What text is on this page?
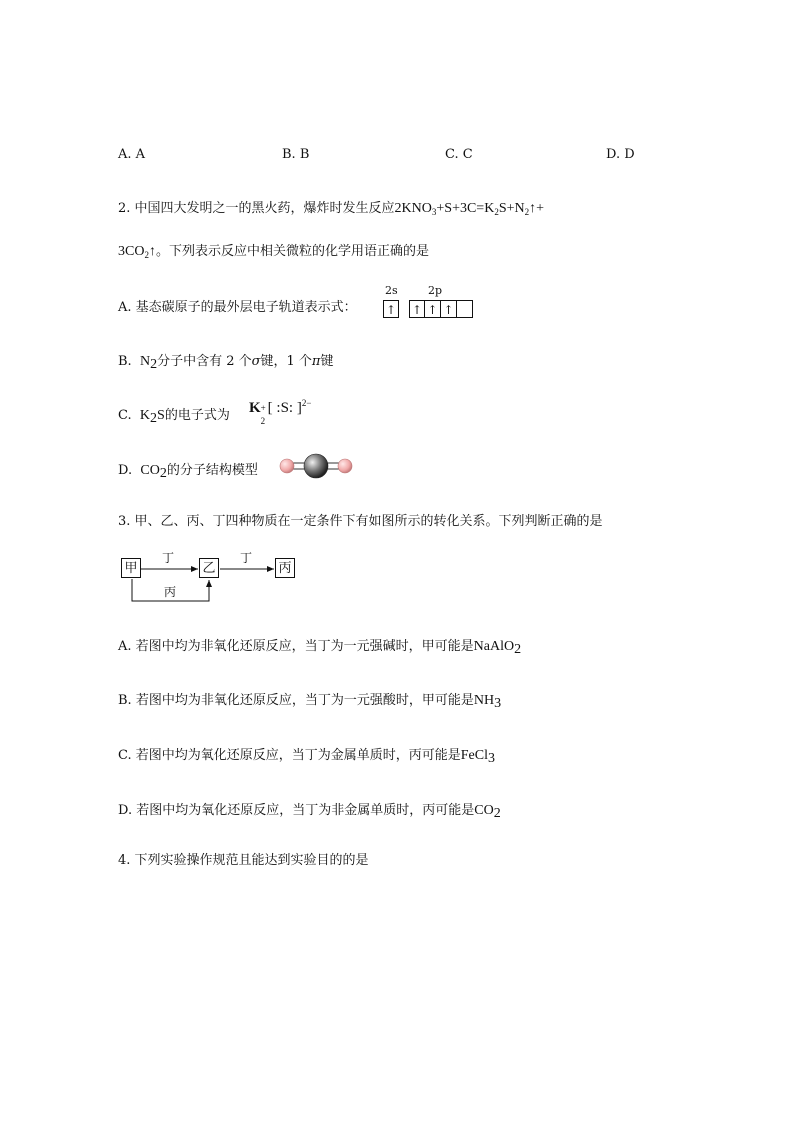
A. A	B. B	C. C	D. D
2. 中国四大发明之一的黑火药，爆炸时发生反应$2KNO_3+S+3C=K_2S+N_2↑+$
$3CO_2↑$。下列表示反应中相关微粒的化学用语正确的是
A. 基态碳原子的最外层电子轨道表示式：
2s	2p
↑ ↑ ↑ ↑
B. $N_2$分子中含有 2 个σ键，1 个π键
C. $K_2S$的电子式为 K +
2
[ :S: ]$^{2-}$
D. $CO_2$的分子结构模型
3. 甲、乙、丙、丁四种物质在一定条件下有如图所示的转化关系。下列判断正确的是
甲	乙	丙
丁	丁
丙
A. 若图中均为非氧化还原反应，当丁为一元强碱时，甲可能是NaAlO$_2$
B. 若图中均为非氧化还原反应，当丁为一元强酸时，甲可能是$NH_3$
C. 若图中均为氧化还原反应，当丁为金属单质时，丙可能是FeCl$_3$
D. 若图中均为氧化还原反应，当丁为非金属单质时，丙可能是$CO_2$
4. 下列实验操作规范且能达到实验目的的是
